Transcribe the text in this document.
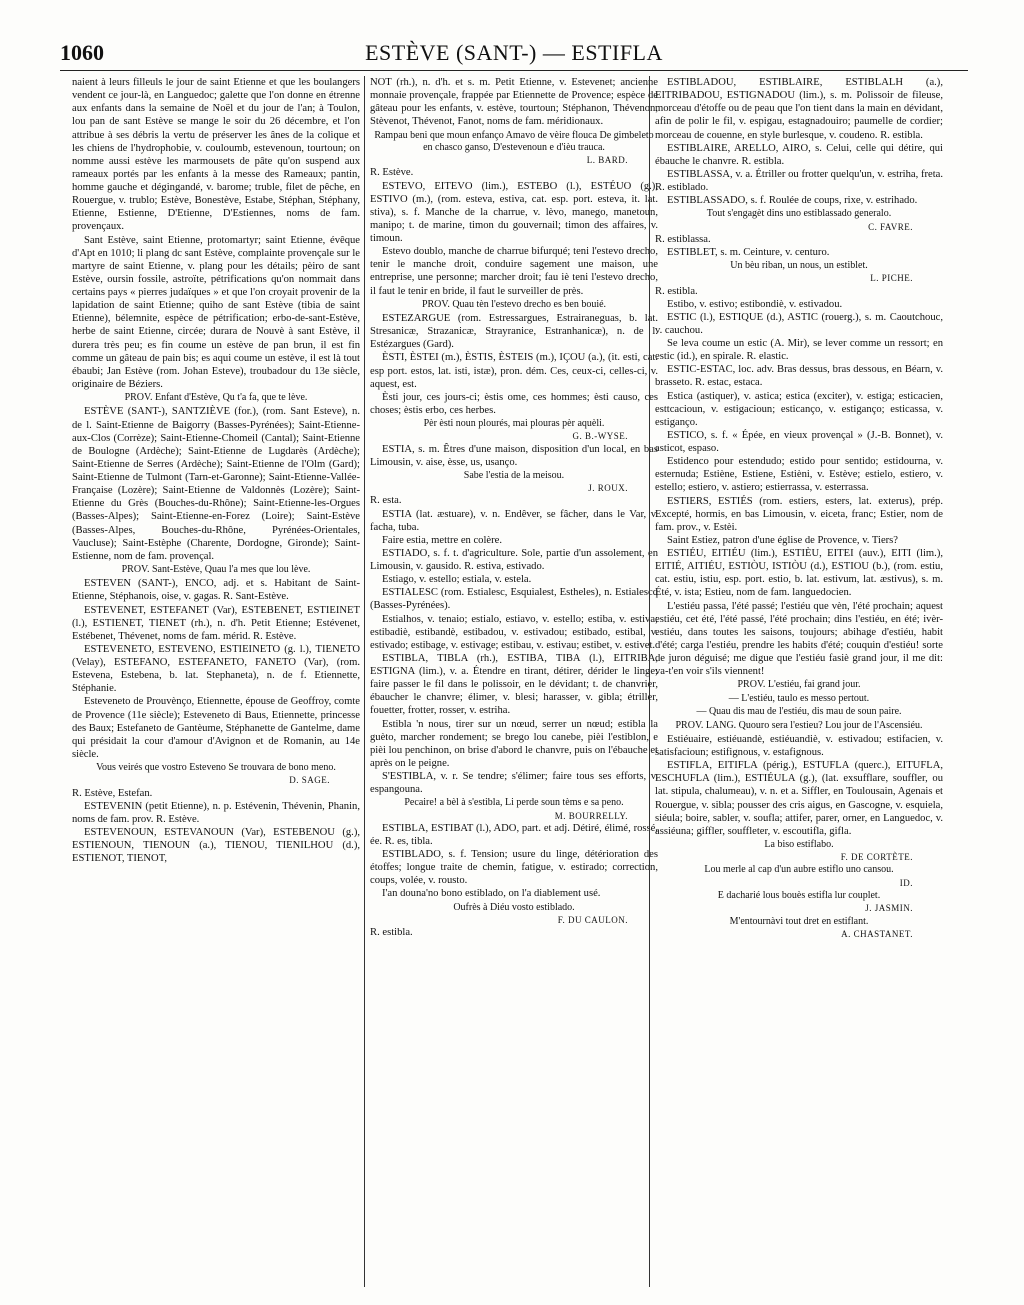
1060	ESTÈVE (SANT-) — ESTIFLA

naient à leurs filleuls le jour de saint Etienne et que les boulangers vendent ce jour-là, en Languedoc; galette que l'on donne en étrenne aux enfants dans la semaine de Noël et du jour de l'an; à Toulon, lou pan de sant Estève se mange le soir du 26 décembre, et l'on attribue à ses débris la vertu de préserver les ânes de la colique et les chiens de l'hydrophobie, v. couloumb, estevenoun, tourtoun; on nomme aussi estève les marmousets de pâte qu'on suspend aux rameaux portés par les enfants à la messe des Rameaux; pantin, homme gauche et dégingandé, v. barome; truble, filet de pêche, en Rouergue, v. trublo; Estève, Bonestève, Estabe, Stéphan, Stéphany, Etienne, Estienne, D'Etienne, D'Estiennes, noms de fam. provençaux.

Sant Estève, saint Etienne, protomartyr; saint Etienne, évêque d'Apt en 1010; li plang dc sant Estève, complainte provençale sur le martyre de saint Etienne, v. plang pour les détails; pèiro de sant Estève, oursin fossile, astroïte, pétrifications qu'on nommait dans certains pays « pierres judaïques » et que l'on croyait provenir de la lapidation de saint Etienne; quiho de sant Estève (tibia de saint Etienne), bélemnite, espèce de pétrification; erbo-de-sant-Estève, herbe de saint Etienne, circée; durara de Nouvè à sant Estève, il durera très peu; es fin coume un estève de pan brun, il est fin comme un gâteau de pain bis; es aqui coume un estève, il est là tout ébaubi; Jan Estève (rom. Johan Esteve), troubadour du 13e siècle, originaire de Béziers.

PROV. Enfant d'Estève, Qu t'a fa, que te lève.

ESTÈVE (SANT-), SANTZIÈVE (for.), (rom. Sant Esteve), n. de l. Saint-Etienne de Baigorry (Basses-Pyrénées); Saint-Etienne-aux-Clos (Corrèze); Saint-Etienne-Chomeil (Cantal); Saint-Etienne de Boulogne (Ardèche); Saint-Etienne de Lugdarès (Ardèche); Saint-Etienne de Serres (Ardèche); Saint-Etienne de l'Olm (Gard); Saint-Etienne de Tulmont (Tarn-et-Garonne); Saint-Etienne-Vallée-Française (Lozère); Saint-Etienne de Valdonnès (Lozère); Saint-Etienne du Grès (Bouches-du-Rhône); Saint-Etienne-les-Orgues (Basses-Alpes); Saint-Etienne-en-Forez (Loire); Saint-Estève (Basses-Alpes, Bouches-du-Rhône, Pyrénées-Orientales, Vaucluse); Saint-Estèphe (Charente, Dordogne, Gironde); Saint-Estienne, nom de fam. provençal.

PROV. Sant-Estève, Quau l'a mes que lou lève.

ESTEVEN (SANT-), ENCO, adj. et s. Habitant de Saint-Etienne, Stéphanois, oise, v. gagas. R. Sant-Estève.

ESTEVENET, ESTEFANET (Var), ESTEBENET, ESTIEINET (l.), ESTIENET, TIENET (rh.), n. d'h. Petit Etienne; Estévenet, Estébenet, Thévenet, noms de fam. mérid. R. Estève.

ESTEVENETO, ESTEVENO, ESTIEINETO (g. l.), TIENETO (Velay), ESTEFANO, ESTEFANETO, FANETO (Var), (rom. Estevena, Estebena, b. lat. Stephaneta), n. de f. Etiennette, Stéphanie.

Esteveneto de Prouvènço, Etiennette, épouse de Geoffroy, comte de Provence (11e siècle); Esteveneto di Baus, Etiennette, princesse des Baux; Estefaneto de Gantèume, Stéphanette de Gantelme, dame qui présidait la cour d'amour d'Avignon et de Romanin, au 14e siècle.

Vous veirés que vostro Esteveno Se trouvara de bono meno.

D. SAGE.

R. Estève, Estefan.

ESTEVENIN (petit Etienne), n. p. Estévenin, Thévenin, Phanin, noms de fam. prov. R. Estève.

ESTEVENOUN, ESTEVANOUN (Var), ESTEBENOU (g.), ESTIENOUN, TIENOUN (a.), TIENOU, TIENILHOU (d.), ESTIENOT, TIENOT,

NOT (rh.), n. d'h. et s. m. Petit Etienne, v. Estevenet; ancienne monnaie provençale, frappée par Etiennette de Provence; espèce de gâteau pour les enfants, v. estève, tourtoun; Stéphanon, Thévenon, Stèvenot, Thévenot, Fanot, noms de fam. méridionaux.

Rampau beni que moun enfanço Amavo de vèire flouca De gimbeleto en chasco ganso, D'estevenoun e d'ièu trauca.

L. BARD.

R. Estève.

ESTEVO, EITEVO (lim.), ESTEBO (l.), ESTÉUO (g.), ESTIVO (m.), (rom. esteva, estiva, cat. esp. port. esteva, it. lat. stiva), s. f. Manche de la charrue, v. lèvo, manego, manetoun, manipo; t. de marine, timon du gouvernail; timon des affaires, v. timoun.

Estevo doublo, manche de charrue bifurqué; teni l'estevo drecho, tenir le manche droit, conduire sagement une maison, une entreprise, une personne; marcher droit; fau iè teni l'estevo drecho, il faut le tenir en bride, il faut le surveiller de près.

PROV. Quau tèn l'estevo drecho es ben bouié.

ESTEZARGUE (rom. Estressargues, Estrairaneguas, b. lat. Stresanicæ, Strazanicæ, Strayranice, Estranhanicæ), n. de l. Estézargues (Gard).

ÈSTI, ÈSTEI (m.), ÈSTIS, ÈSTEIS (m.), IÇOU (a.), (it. esti, cat. esp port. estos, lat. isti, istæ), pron. dém. Ces, ceux-ci, celles-ci, v. aquest, est.

Èsti jour, ces jours-ci; èstis ome, ces hommes; èsti causo, ces choses; èstis erbo, ces herbes.

Pèr èsti noun plourés, mai plouras pèr aquèli.

G. B.-WYSE.

ESTIA, s. m. Êtres d'une maison, disposition d'un local, en bas Limousin, v. aise, èsse, us, usanço.

Sabe l'estia de la meisou.

J. ROUX.

R. esta.

ESTIA (lat. æstuare), v. n. Endêver, se fâcher, dans le Var, v. facha, tuba.

Faire estia, mettre en colère.

ESTIADO, s. f. t. d'agriculture. Sole, partie d'un assolement, en Limousin, v. gausido. R. estiva, estivado.

Estiago, v. estello; estiala, v. estela.

ESTIALESC (rom. Estialesc, Esquialest, Estheles), n. Estialescq (Basses-Pyrénées).

Estialhos, v. tenaio; estialo, estiavo, v. estello; estiba, v. estiva; estibadiè, estibandè, estibadou, v. estivadou; estibado, estibal, v. estivado; estibage, v. estivage; estibau, v. estivau; estibet, v. estivet.

ESTIBLA, TIBLA (rh.), ESTIBA, TIBA (l.), EITRIBA, ESTIGNA (lim.), v. a. Étendre en tirant, détirer, dérider le linge; faire passer le fil dans le polissoir, en le dévidant; t. de chanvrier, ébaucher le chanvre; élimer, v. blesi; harasser, v. gibla; étriller, fouetter, frotter, rosser, v. estriha.

Estibla 'n nous, tirer sur un nœud, serrer un nœud; estibla la guèto, marcher rondement; se brego lou canebe, pièi l'estiblon, e pièi lou penchinon, on brise d'abord le chanvre, puis on l'ébauche et après on le peigne.

S'ESTIBLA, v. r. Se tendre; s'élimer; faire tous ses efforts, v. espangouna.

Pecaire! a bèl à s'estibla, Li perde soun tèms e sa peno.

M. BOURRELLY.

ESTIBLA, ESTIBAT (l.), ADO, part. et adj. Détiré, élimé, rossé, ée. R. es, tibla.

ESTIBLADO, s. f. Tension; usure du linge, détérioration des étoffes; longue traite de chemin, fatigue, v. estirado; correction, coups, volée, v. rousto.

I'an douna'no bono estiblado, on l'a diablement usé.

Oufrès à Diéu vosto estiblado.

F. DU CAULON.

R. estibla.

ESTIBLADOU, ESTIBLAIRE, ESTIBLALH (a.), EITRIBADOU, ESTIGNADOU (lim.), s. m. Polissoir de fileuse, morceau d'étoffe ou de peau que l'on tient dans la main en dévidant, afin de polir le fil, v. espigau, estagnadouiro; paumelle de cordier; morceau de couenne, en style burlesque, v. coudeno. R. estibla.

ESTIBLAIRE, ARELLO, AIRO, s. Celui, celle qui détire, qui ébauche le chanvre. R. estibla.

ESTIBLASSA, v. a. Étriller ou frotter quelqu'un, v. estriha, freta. R. estiblado.

ESTIBLASSADO, s. f. Roulée de coups, rixe, v. estrihado.

Tout s'engagèt dins uno estiblassado generalo.

C. FAVRE.

R. estiblassa.

ESTIBLET, s. m. Ceinture, v. centuro.

Un bèu riban, un nous, un estiblet.

L. PICHE.

R. estibla.

Estibo, v. estivo; estibondiè, v. estivadou.

ESTIC (l.), ESTIQUE (d.), ASTIC (rouerg.), s. m. Caoutchouc, v. cauchou.

Se leva coume un estic (A. Mir), se lever comme un ressort; en estic (id.), en spirale. R. elastic.

ESTIC-ESTAC, loc. adv. Bras dessus, bras dessous, en Béarn, v. brasseto. R. estac, estaca.

Estica (astiquer), v. astica; estica (exciter), v. estiga; esticacien, esttcacioun, v. estigacioun; esticanço, v. estiganço; esticassa, v. estiganço.

ESTICO, s. f. « Épée, en vieux provençal » (J.-B. Bonnet), v. asticot, espaso.

Estidenco pour estendudo; estido pour sentido; estidourna, v. esternuda; Estiène, Estiene, Estièni, v. Estève; estielo, estiero, v. estello; estiero, v. astiero; estierrassa, v. esterrassa.

ESTIERS, ESTIÉS (rom. estiers, esters, lat. exterus), prép. Excepté, hormis, en bas Limousin, v. eiceta, franc; Estier, nom de fam. prov., v. Estèi.

Saint Estiez, patron d'une église de Provence, v. Tiers?

ESTIÉU, EITIÉU (lim.), ESTIÈU, EITEI (auv.), EITI (lim.), EITIÉ, AITIÉU, ESTIÒU, ISTIÒU (d.), ESTIOU (b.), (rom. estiu, cat. estiu, istiu, esp. port. estio, b. lat. estivum, lat. æstivus), s. m. Été, v. ista; Estieu, nom de fam. languedocien.

L'estiéu passa, l'été passé; l'estiéu que vèn, l'été prochain; aquest estiéu, cet été, l'été passé, l'été prochain; dins l'estiéu, en été; ivèr-estiéu, dans toutes les saisons, toujours; abihage d'estiéu, habit d'été; carga l'estiéu, prendre les habits d'été; couquin d'estiéu! sorte de juron déguisé; me digue que l'estiéu fasiè grand jour, il me dit: va-t'en voir s'ils viennent!

PROV. L'estiéu, fai grand jour.

— L'estiéu, taulo es messo pertout.

— Quau dis mau de l'estiéu, dis mau de soun paire.

PROV. LANG. Quouro sera l'estieu? Lou jour de l'Ascensiéu.

Estiéuaire, estiéuandè, estiéuandiè, v. estivadou; estifacien, v. satisfacioun; estifignous, v. estafignous.

ESTIFLA, EITIFLA (périg.), ESTUFLA (querc.), EITUFLA, ESCHUFLA (lim.), ESTIÉULA (g.), (lat. exsufflare, souffler, ou lat. stipula, chalumeau), v. n. et a. Siffler, en Toulousain, Agenais et Rouergue, v. sibla; pousser des cris aigus, en Gascogne, v. esquiela, siéula; boire, sabler, v. soufla; attifer, parer, orner, en Languedoc, v. assiéuna; giffler, souffleter, v. escoutifla, gifla.

La biso estiflabo.

F. DE CORTÈTE.

Lou merle al cap d'un aubre estiflo uno cansou.

ID.

E dacharié lous bouès estifla lur couplet.

J. JASMIN.

M'entournàvi tout dret en estiflant.

A. CHASTANET.
